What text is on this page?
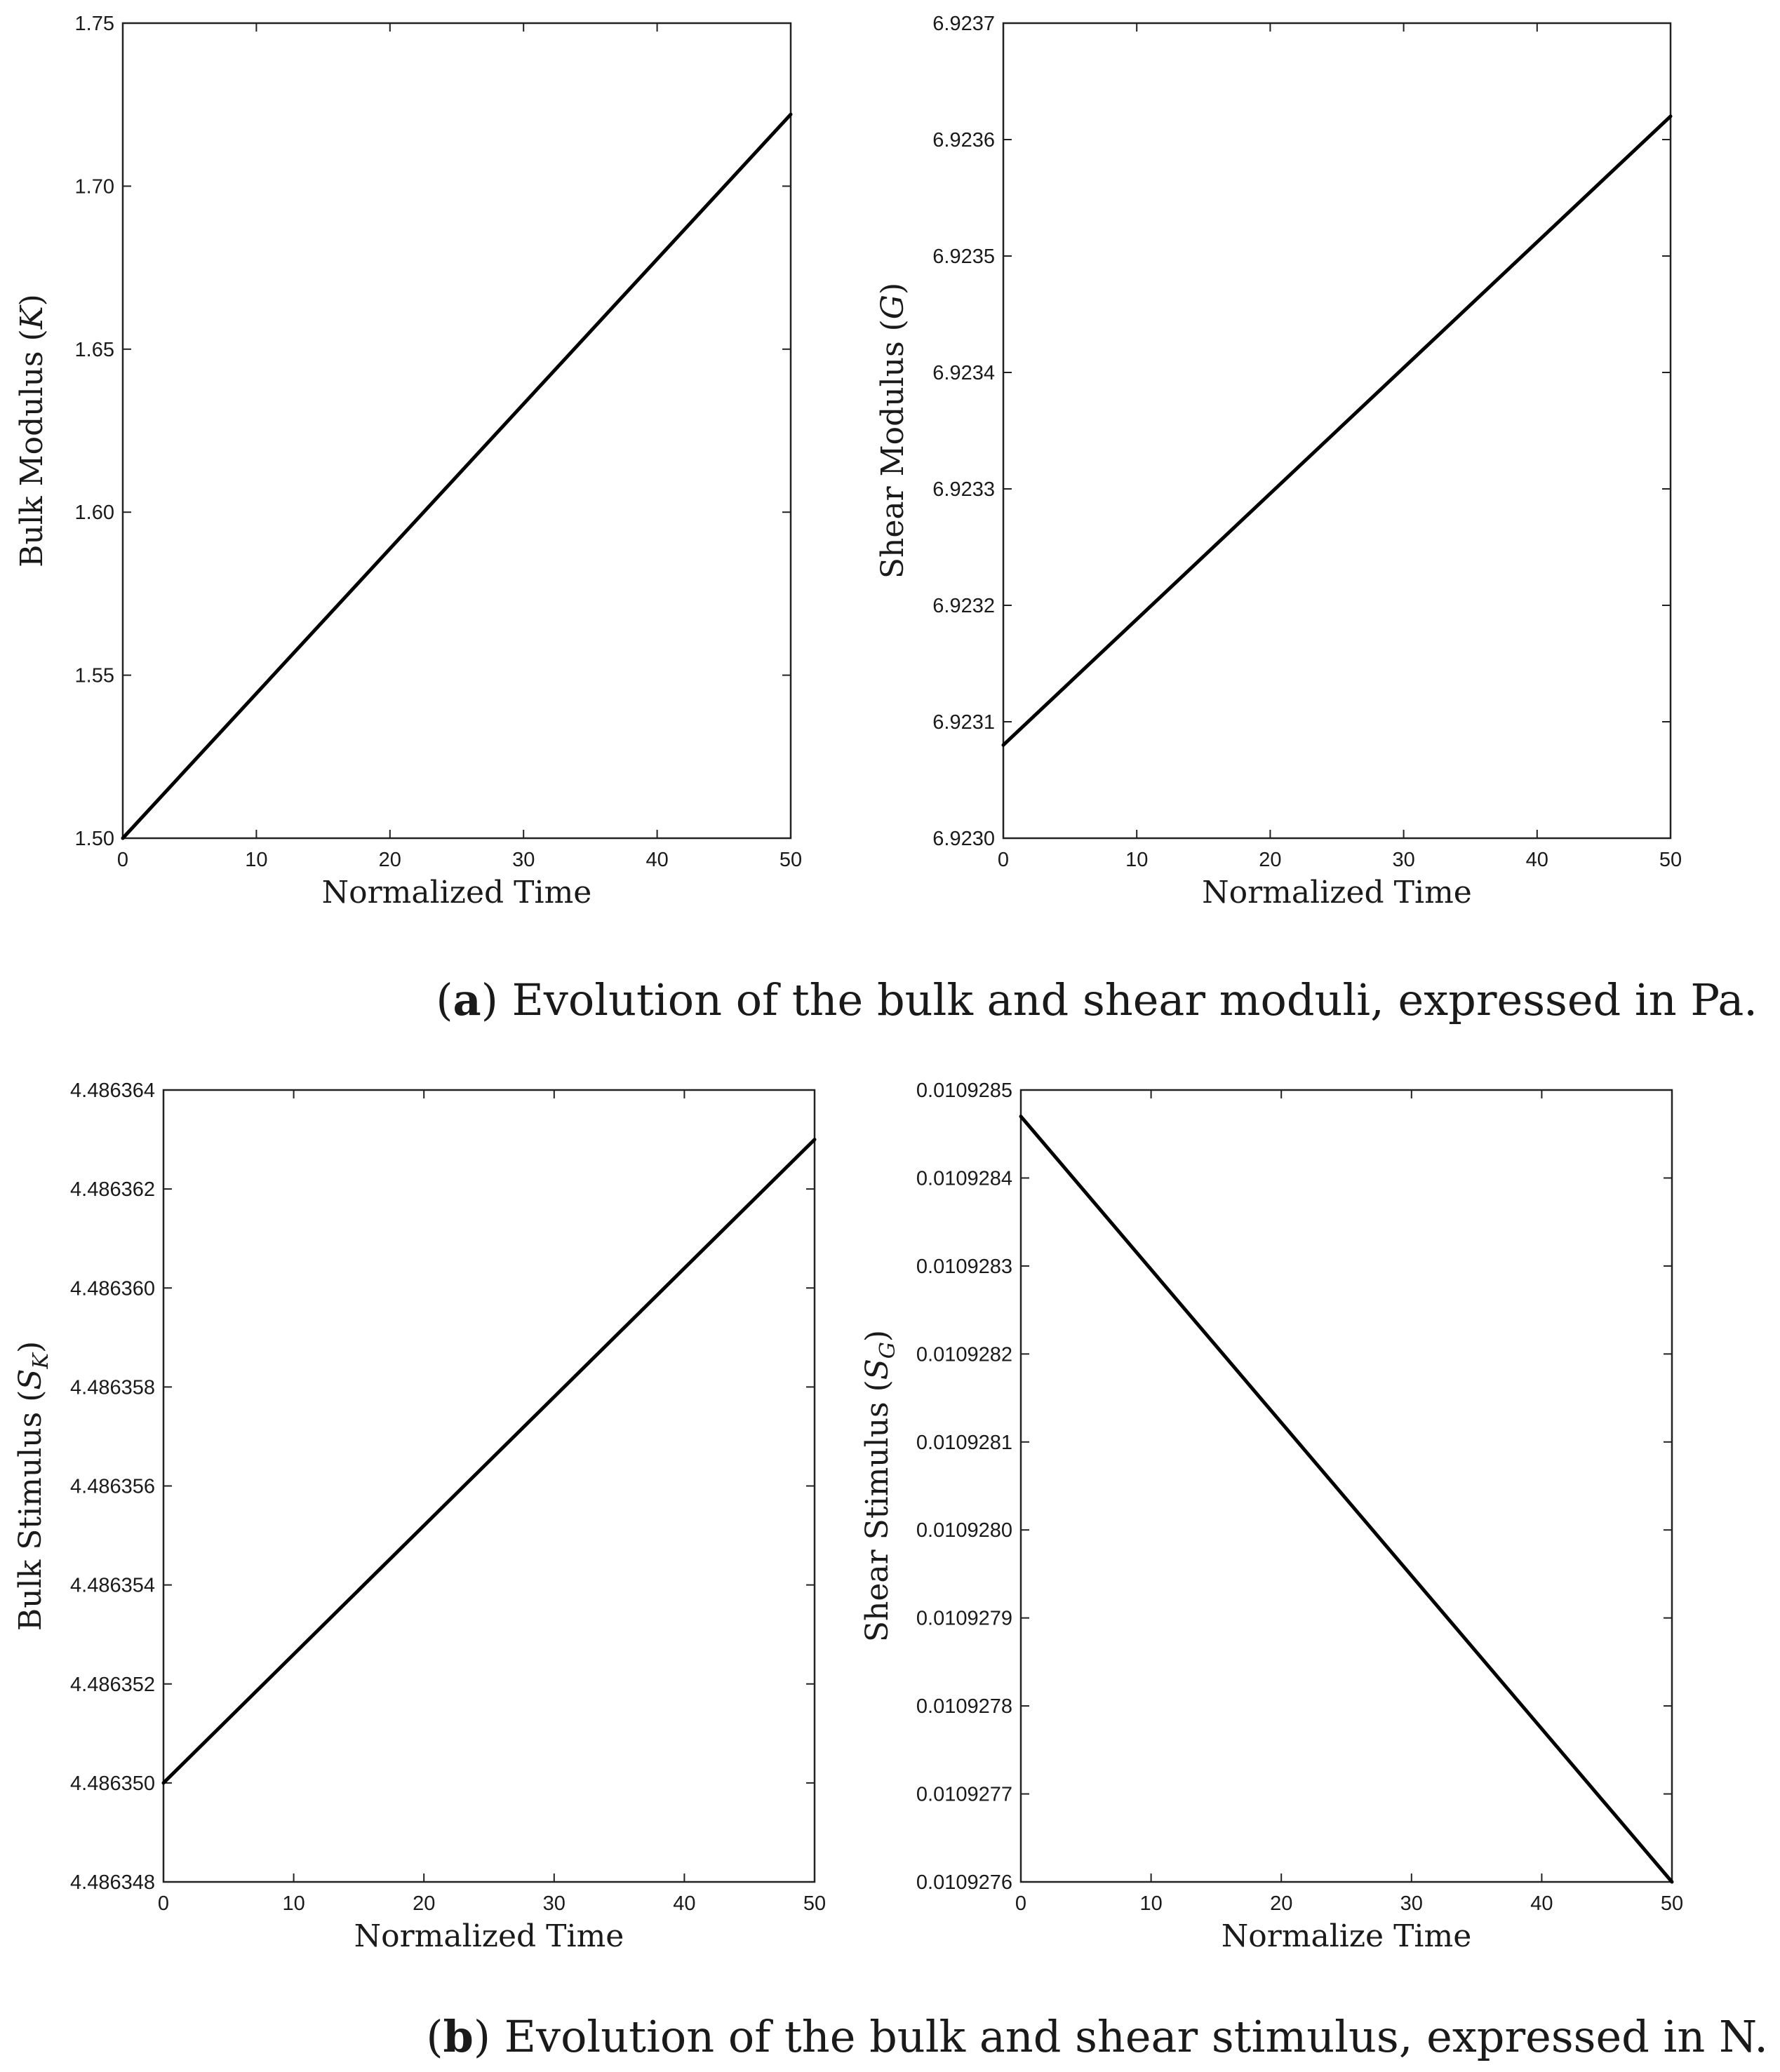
0	10	20	30	40	50
1.50
1.55
1.60
1.65
1.70
1.75
Normalized Time
Bulk Modulus (K)
0	10	20	30	40	50
6.9230
6.9231
6.9232
6.9233
6.9234
6.9235
6.9236
6.9237
Normalized Time
Shear Modulus (G)
(a) Evolution of the bulk and shear moduli, expressed in Pa.
0	10	20	30	40	50
4.486348
4.486350
4.486352
4.486354
4.486356
4.486358
4.486360
4.486362
4.486364
Normalized Time
Bulk Stimulus $(S_K)$
0	10	20	30	40	50
0.0109276
0.0109277
0.0109278
0.0109279
0.0109280
0.0109281
0.0109282
0.0109283
0.0109284
0.0109285
Normalize Time
Shear Stimulus $(S_G)$
(b) Evolution of the bulk and shear stimulus, expressed in N.
